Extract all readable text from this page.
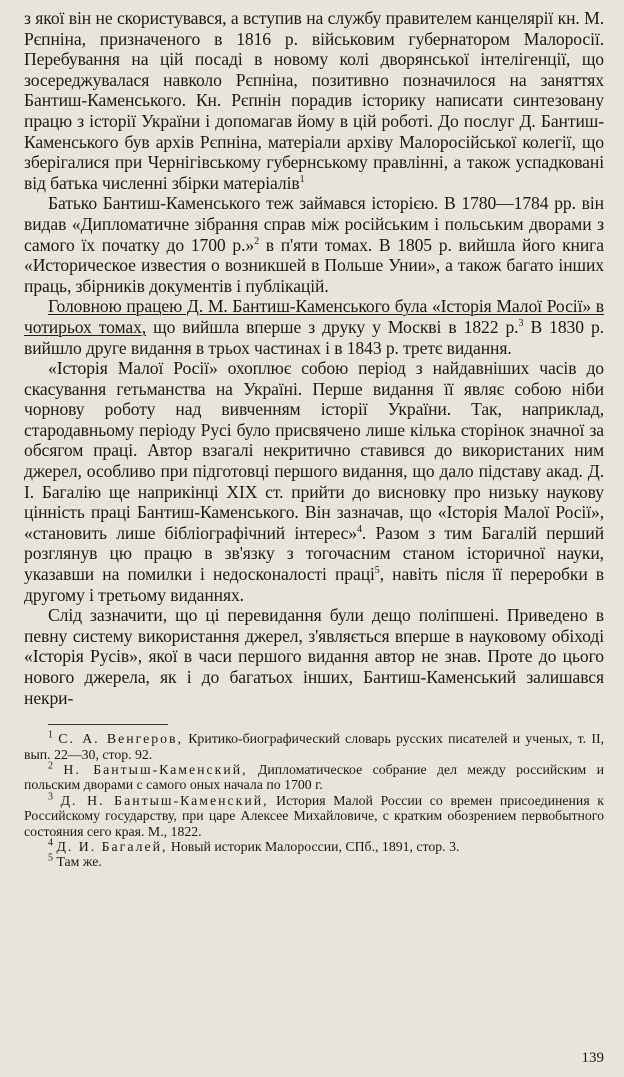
з якої він не скористувався, а вступив на службу правителем канцелярії кн. М. Рєпніна, призначеного в 1816 р. військовим губернатором Малоросії. Перебування на цій посаді в новому колі дворянської інтелігенції, що зосереджувалася навколо Рєпніна, позитивно позначилося на заняттях Бантиш-Каменського. Кн. Рєпнін порадив історику написати синтезовану працю з історії України і допомагав йому в цій роботі. До послуг Д. Бантиш-Каменського був архів Рєпніна, матеріали архіву Малоросійської колегії, що зберігалися при Чернігівському губернському правлінні, а також успадковані від батька численні збірки матеріалів$^1$

Батько Бантиш-Каменського теж займався історією. В 1780—1784 рр. він видав «Дипломатичне зібрання справ між російським і польським дворами з самого їх початку до 1700 р.»$^2$ в п'яти томах. В 1805 р. вийшла його книга «Историческое известия о возникшей в Польше Унии», а також багато інших праць, збірників документів і публікацій.

Головною працею Д. М. Бантиш-Каменського була «Історія Малої Росії» в чотирьох томах, що вийшла вперше з друку у Москві в 1822 р.$^3$ В 1830 р. вийшло друге видання в трьох частинах і в 1843 р. третє видання.

«Історія Малої Росії» охоплює собою період з найдавніших часів до скасування гетьманства на Україні. Перше видання її являє собою ніби чорнову роботу над вивченням історії України. Так, наприклад, стародавньому періоду Русі було присвячено лише кілька сторінок значної за обсягом праці. Автор взагалі некритично ставився до використаних ним джерел, особливо при підготовці першого видання, що дало підставу акад. Д. І. Багалію ще наприкінці XIX ст. прийти до висновку про низьку наукову цінність праці Бантиш-Каменського. Він зазначав, що «Історія Малої Росії», «становить лише бібліографічний інтерес»$^4$. Разом з тим Багалій перший розглянув цю працю в зв'язку з тогочасним станом історичної науки, указавши на помилки і недосконалості праці$^5$, навіть після її переробки в другому і третьому виданнях.

Слід зазначити, що ці перевидання були дещо поліпшені. Приведено в певну систему використання джерел, з'являється вперше в науковому обіході «Історія Русів», якої в часи першого видання автор не знав. Проте до цього нового джерела, як і до багатьох інших, Бантиш-Каменський залишався некри-

$^1$ С. А. Венгеров, Критико-биографический словарь русских писателей и ученых, т. II, вып. 22—30, стор. 92.

$^2$ Н. Бантыш-Каменский, Дипломатическое собрание дел между российским и польским дворами с самого оных начала по 1700 г.

$^3$ Д. Н. Бантыш-Каменский, История Малой России со времен присоединения к Российскому государству, при царе Алексее Михайловиче, с кратким обозрением первобытного состояния сего края. М., 1822.

$^4$ Д. И. Багалей, Новый историк Малороссии, СПб., 1891, стор. 3.

$^5$ Там же.

139
